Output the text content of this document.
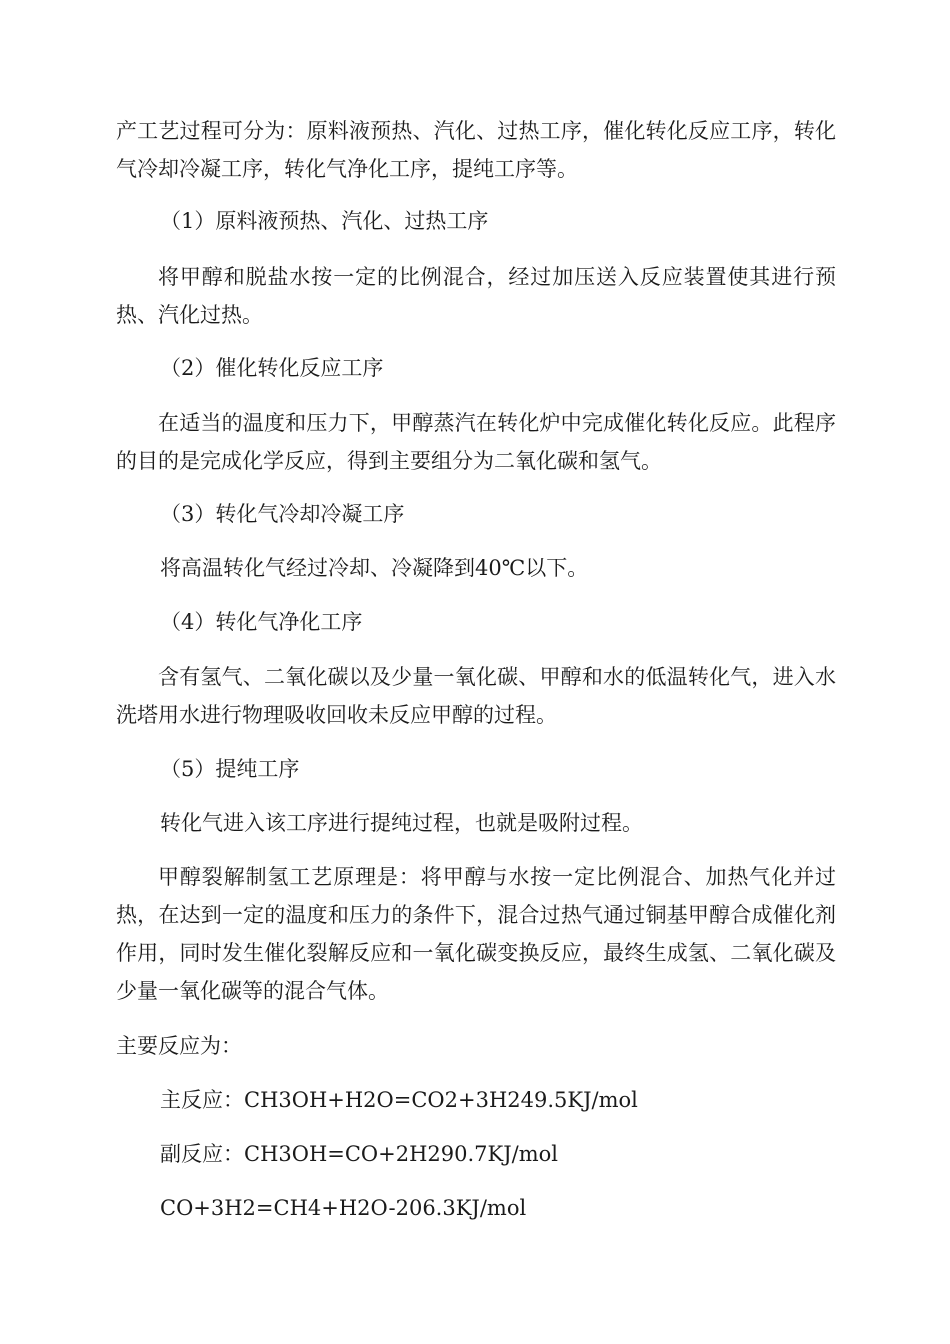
产工艺过程可分为：原料液预热、汽化、过热工序，催化转化反应工序，转化气冷却冷凝工序，转化气净化工序，提纯工序等。

（1）原料液预热、汽化、过热工序

将甲醇和脱盐水按一定的比例混合，经过加压送入反应装置使其进行预热、汽化过热。

（2）催化转化反应工序

在适当的温度和压力下，甲醇蒸汽在转化炉中完成催化转化反应。此程序的目的是完成化学反应，得到主要组分为二氧化碳和氢气。

（3）转化气冷却冷凝工序

将高温转化气经过冷却、冷凝降到40℃以下。

（4）转化气净化工序

含有氢气、二氧化碳以及少量一氧化碳、甲醇和水的低温转化气，进入水洗塔用水进行物理吸收回收未反应甲醇的过程。

（5）提纯工序

转化气进入该工序进行提纯过程，也就是吸附过程。

甲醇裂解制氢工艺原理是：将甲醇与水按一定比例混合、加热气化并过热，在达到一定的温度和压力的条件下，混合过热气通过铜基甲醇合成催化剂作用，同时发生催化裂解反应和一氧化碳变换反应，最终生成氢、二氧化碳及少量一氧化碳等的混合气体。

主要反应为：

主反应：CH3OH+H2O=CO2+3H249.5KJ/mol

副反应：CH3OH=CO+2H290.7KJ/mol

CO+3H2=CH4+H2O-206.3KJ/mol
